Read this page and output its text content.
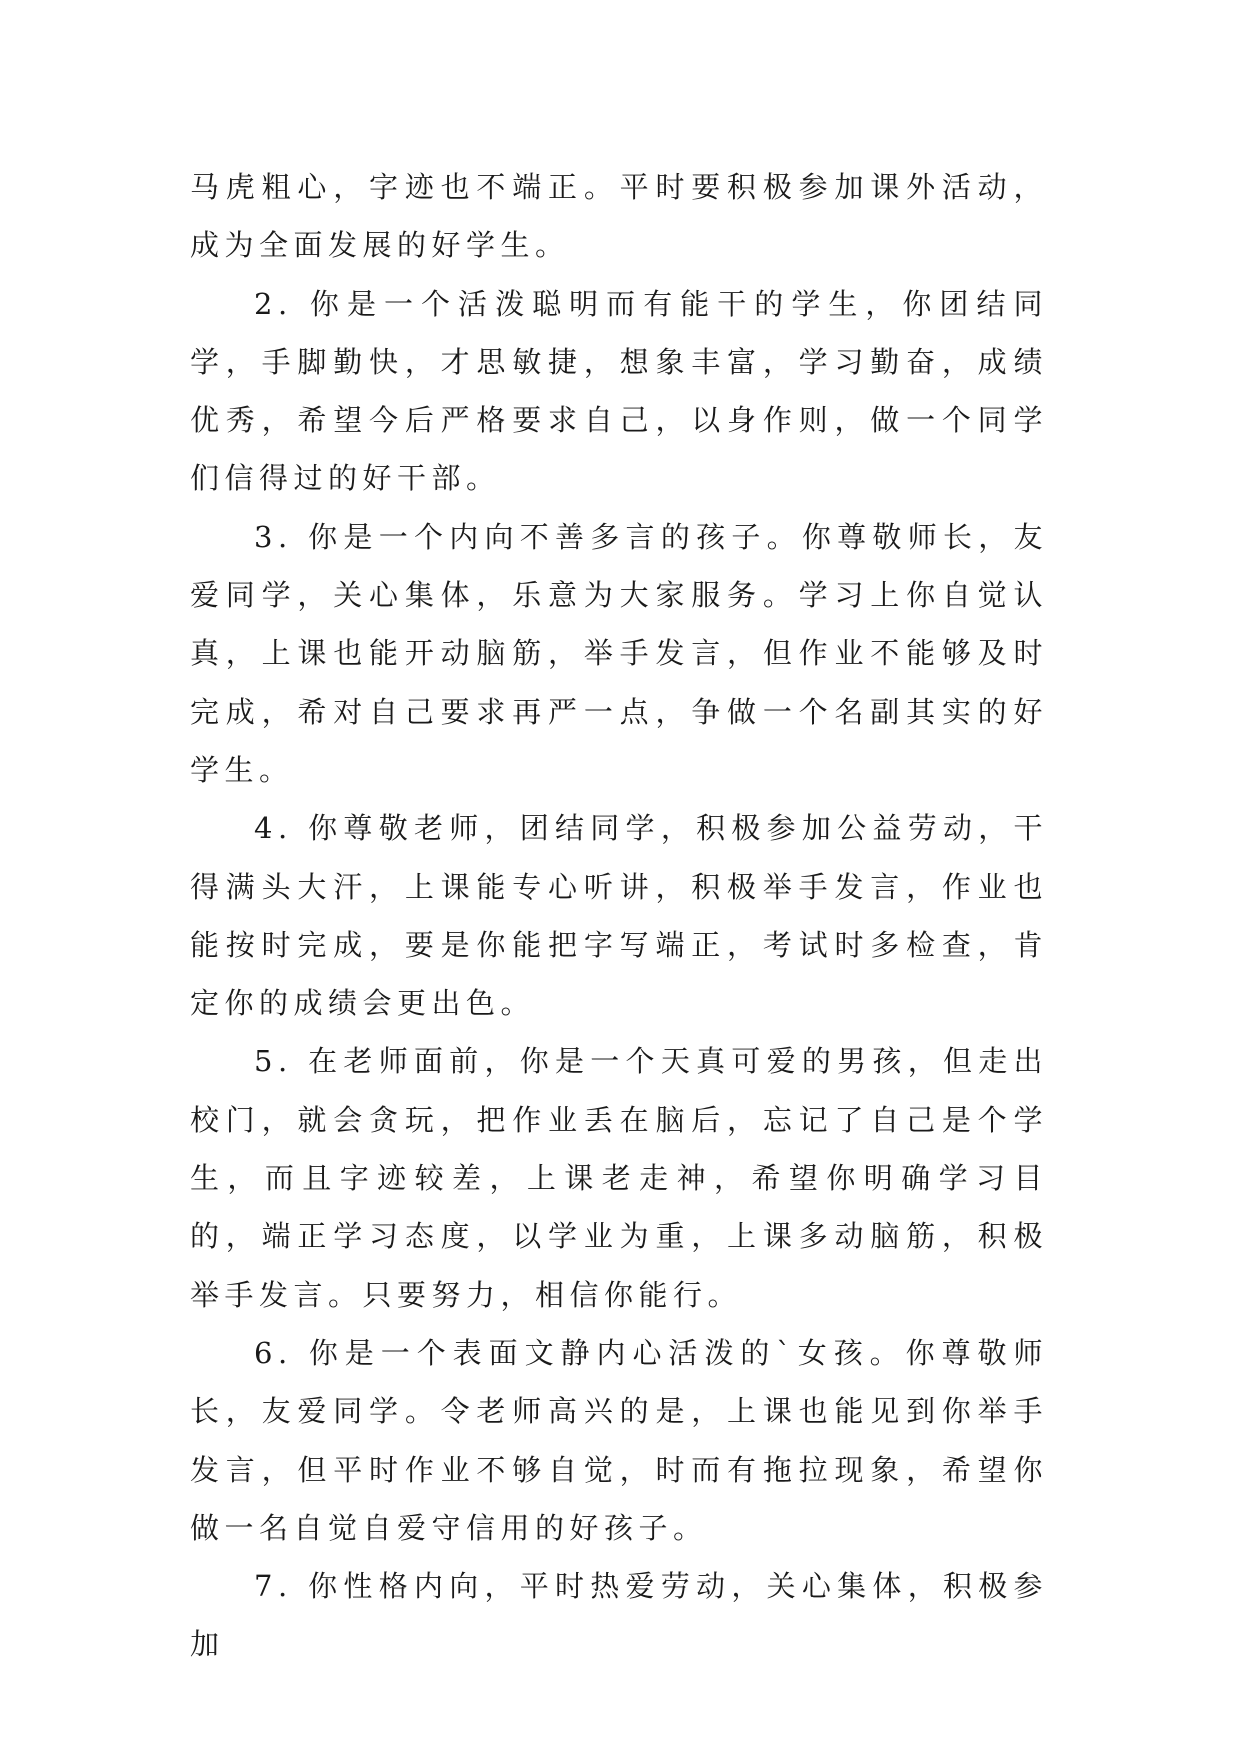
马虎粗心，字迹也不端正。平时要积极参加课外活动，成为全面发展的好学生。

2. 你是一个活泼聪明而有能干的学生，你团结同学，手脚勤快，才思敏捷，想象丰富，学习勤奋，成绩优秀，希望今后严格要求自己，以身作则，做一个同学们信得过的好干部。

3. 你是一个内向不善多言的孩子。你尊敬师长，友爱同学，关心集体，乐意为大家服务。学习上你自觉认真，上课也能开动脑筋，举手发言，但作业不能够及时完成，希对自己要求再严一点，争做一个名副其实的好学生。

4. 你尊敬老师，团结同学，积极参加公益劳动，干得满头大汗，上课能专心听讲，积极举手发言，作业也能按时完成，要是你能把字写端正，考试时多检查，肯定你的成绩会更出色。

5. 在老师面前，你是一个天真可爱的男孩，但走出校门，就会贪玩，把作业丢在脑后，忘记了自己是个学生，而且字迹较差，上课老走神，希望你明确学习目的，端正学习态度，以学业为重，上课多动脑筋，积极举手发言。只要努力，相信你能行。

6. 你是一个表面文静内心活泼的`女孩。你尊敬师长，友爱同学。令老师高兴的是，上课也能见到你举手发言，但平时作业不够自觉，时而有拖拉现象，希望你做一名自觉自爱守信用的好孩子。

7. 你性格内向，平时热爱劳动，关心集体，积极参加
